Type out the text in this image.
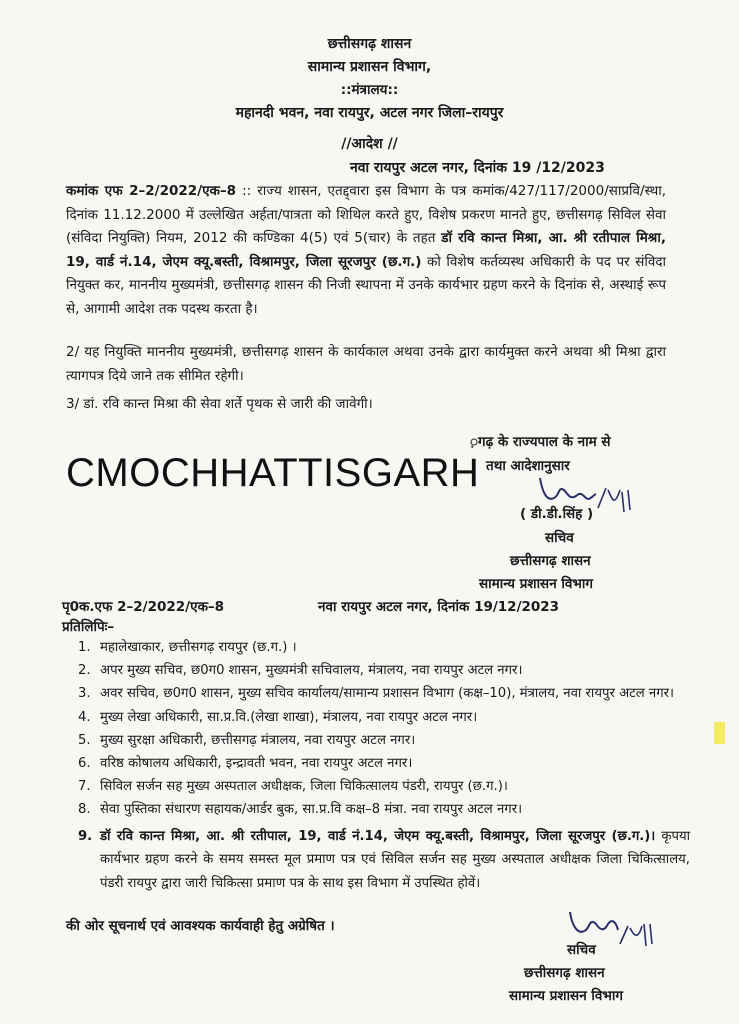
छत्तीसगढ़ शासन
सामान्य प्रशासन विभाग,
::मंत्रालय::
महानदी भवन, नवा रायपुर, अटल नगर जिला–रायपुर
//आदेश //
नवा रायपुर अटल नगर, दिनांक 19 /12/2023
कमांक एफ 2–2/2022/एक–8 :: राज्य शासन, एतद्द्वारा इस विभाग के पत्र कमांक/427/117/2000/साप्रवि/स्था, दिनांक 11.12.2000 में उल्लेखित अर्हता/पात्रता को शिथिल करते हुए, विशेष प्रकरण मानते हुए, छत्तीसगढ़ सिविल सेवा (संविदा नियुक्ति) नियम, 2012 की कण्डिका 4(5) एवं 5(चार) के तहत डॉ रवि कान्त मिश्रा, आ. श्री रतीपाल मिश्रा, 19, वार्ड नं.14, जेएम क्यू.बस्ती, विश्रामपुर, जिला सूरजपुर (छ.ग.) को विशेष कर्तव्यस्थ अधिकारी के पद पर संविदा नियुक्त कर, माननीय मुख्यमंत्री, छत्तीसगढ़ शासन की निजी स्थापना में उनके कार्यभार ग्रहण करने के दिनांक से, अस्थाई रूप से, आगामी आदेश तक पदस्थ करता है।
2/ यह नियुक्ति माननीय मुख्यमंत्री, छत्तीसगढ़ शासन के कार्यकाल अथवा उनके द्वारा कार्यमुक्त करने अथवा श्री मिश्रा द्वारा त्यागपत्र दिये जाने तक सीमित रहेगी।
3/ डां. रवि कान्त मिश्रा की सेवा शर्ते पृथक से जारी की जावेगी।
़गढ़ के राज्यपाल के नाम से
तथा आदेशानुसार
( डी.डी.सिंह )
सचिव
छत्तीसगढ़ शासन
सामान्य प्रशासन विभाग
CMOCHHATTISGARH
पृ0क.एफ 2–2/2022/एक–8	नवा रायपुर अटल नगर, दिनांक 19/12/2023
प्रतिलिपिः–
1. महालेखाकार, छत्तीसगढ़ रायपुर (छ.ग.) ।
2. अपर मुख्य सचिव, छ0ग0 शासन, मुख्यमंत्री सचिवालय, मंत्रालय, नवा रायपुर अटल नगर।
3. अवर सचिव, छ0ग0 शासन, मुख्य सचिव कार्यालय/सामान्य प्रशासन विभाग (कक्ष–10), मंत्रालय, नवा रायपुर अटल नगर।
4. मुख्य लेखा अधिकारी, सा.प्र.वि.(लेखा शाखा), मंत्रालय, नवा रायपुर अटल नगर।
5. मुख्य सुरक्षा अधिकारी, छत्तीसगढ़ मंत्रालय, नवा रायपुर अटल नगर।
6. वरिष्ठ कोषालय अधिकारी, इन्द्रावती भवन, नवा रायपुर अटल नगर।
7. सिविल सर्जन सह मुख्य अस्पताल अधीक्षक, जिला चिकित्सालय पंडरी, रायपुर (छ.ग.)।
8. सेवा पुस्तिका संधारण सहायक/आर्डर बुक, सा.प्र.वि कक्ष–8 मंत्रा. नवा रायपुर अटल नगर।
9. डॉ रवि कान्त मिश्रा, आ. श्री रतीपाल, 19, वार्ड नं.14, जेएम क्यू.बस्ती, विश्रामपुर, जिला सूरजपुर (छ.ग.)। कृपया कार्यभार ग्रहण करने के समय समस्त मूल प्रमाण पत्र एवं सिविल सर्जन सह मुख्य अस्पताल अधीक्षक जिला चिकित्सालय, पंडरी रायपुर द्वारा जारी चिकित्सा प्रमाण पत्र के साथ इस विभाग में उपस्थित होवें।
की ओर सूचनार्थ एवं आवश्यक कार्यवाही हेतु अग्रेषित ।
सचिव
छत्तीसगढ़ शासन
सामान्य प्रशासन विभाग
